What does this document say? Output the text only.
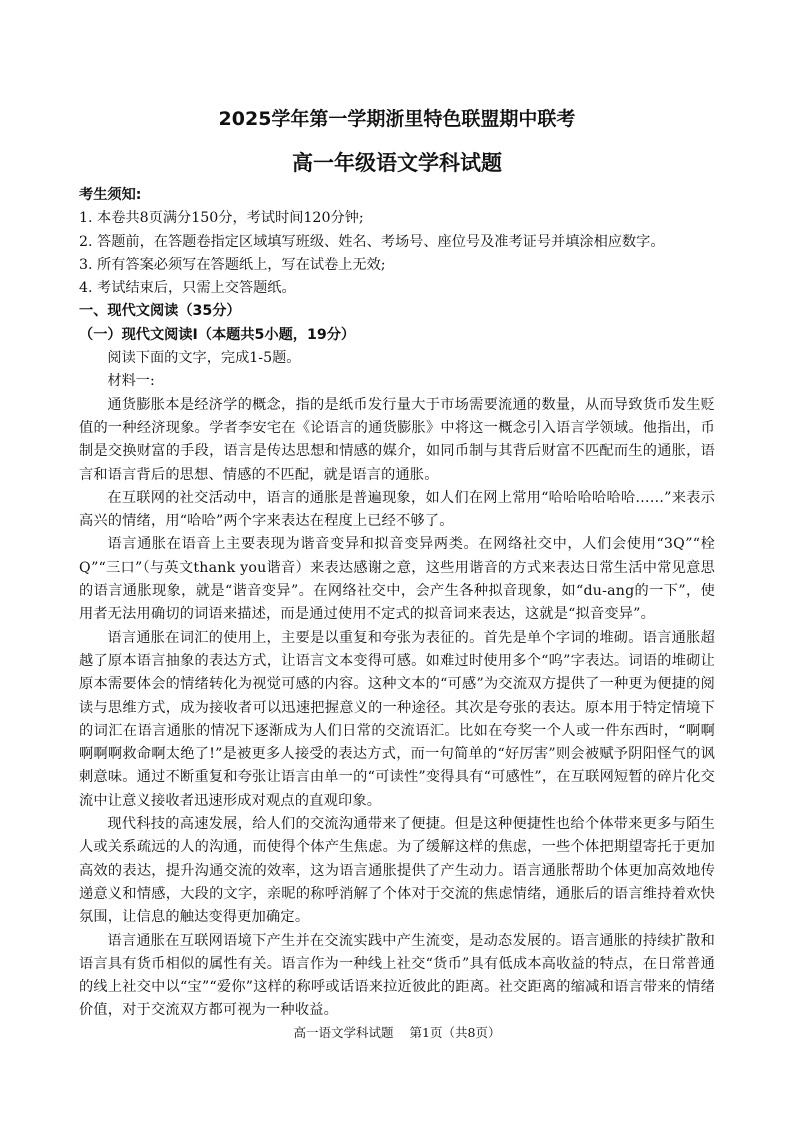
2025学年第一学期浙里特色联盟期中联考
高一年级语文学科试题

考生须知:

1. 本卷共8页满分150分，考试时间120分钟;

2. 答题前，在答题卷指定区域填写班级、姓名、考场号、座位号及准考证号并填涂相应数字。

3. 所有答案必须写在答题纸上，写在试卷上无效;

4. 考试结束后，只需上交答题纸。

一、现代文阅读（35分）

（一）现代文阅读Ⅰ（本题共5小题，19分）

阅读下面的文字，完成1-5题。

材料一:

通货膨胀本是经济学的概念，指的是纸币发行量大于市场需要流通的数量，从而导致货币发生贬值的一种经济现象。学者李安宅在《论语言的通货膨胀》中将这一概念引入语言学领域。他指出，币制是交换财富的手段，语言是传达思想和情感的媒介，如同币制与其背后财富不匹配而生的通胀，语言和语言背后的思想、情感的不匹配，就是语言的通胀。

在互联网的社交活动中，语言的通胀是普遍现象，如人们在网上常用“哈哈哈哈哈哈……”来表示高兴的情绪，用“哈哈”两个字来表达在程度上已经不够了。

语言通胀在语音上主要表现为谐音变异和拟音变异两类。在网络社交中，人们会使用“3Q”“栓Q”“三口”（与英文thank you谐音）来表达感谢之意，这些用谐音的方式来表达日常生活中常见意思的语言通胀现象，就是“谐音变异”。在网络社交中，会产生各种拟音现象，如“du-ang的一下”，使用者无法用确切的词语来描述，而是通过使用不定式的拟音词来表达，这就是“拟音变异”。

语言通胀在词汇的使用上，主要是以重复和夸张为表征的。首先是单个字词的堆砌。语言通胀超越了原本语言抽象的表达方式，让语言文本变得可感。如难过时使用多个“呜”字表达。词语的堆砌让原本需要体会的情绪转化为视觉可感的内容。这种文本的“可感”为交流双方提供了一种更为便捷的阅读与思维方式，成为接收者可以迅速把握意义的一种途径。其次是夸张的表达。原本用于特定情境下的词汇在语言通胀的情况下逐渐成为人们日常的交流语汇。比如在夸奖一个人或一件东西时，“啊啊啊啊啊救命啊太绝了!”是被更多人接受的表达方式，而一句简单的“好厉害”则会被赋予阴阳怪气的讽刺意味。通过不断重复和夸张让语言由单一的“可读性”变得具有“可感性”，在互联网短暂的碎片化交流中让意义接收者迅速形成对观点的直观印象。

现代科技的高速发展，给人们的交流沟通带来了便捷。但是这种便捷性也给个体带来更多与陌生人或关系疏远的人的沟通，而使得个体产生焦虑。为了缓解这样的焦虑，一些个体把期望寄托于更加高效的表达，提升沟通交流的效率，这为语言通胀提供了产生动力。语言通胀帮助个体更加高效地传递意义和情感，大段的文字，亲昵的称呼消解了个体对于交流的焦虑情绪，通胀后的语言维持着欢快氛围，让信息的触达变得更加确定。

语言通胀在互联网语境下产生并在交流实践中产生流变，是动态发展的。语言通胀的持续扩散和语言具有货币相似的属性有关。语言作为一种线上社交“货币”具有低成本高收益的特点，在日常普通的线上社交中以“宝”“爱你”这样的称呼或话语来拉近彼此的距离。社交距离的缩减和语言带来的情绪价值，对于交流双方都可视为一种收益。

高一语文学科试题 第1页（共8页）
